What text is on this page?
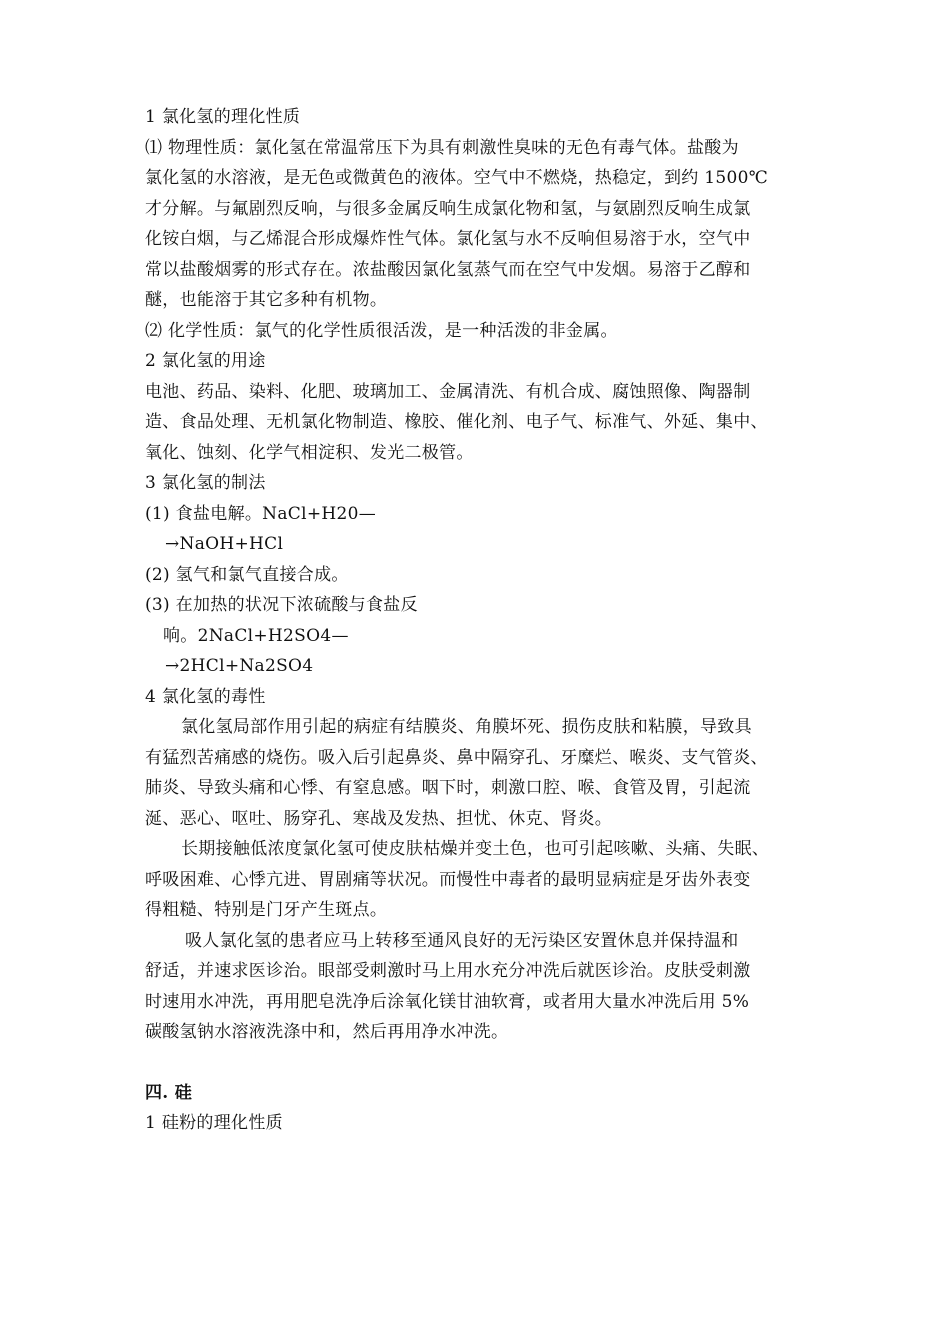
1 氯化氢的理化性质
⑴ 物理性质：氯化氢在常温常压下为具有刺激性臭味的无色有毒气体。盐酸为
氯化氢的水溶液，是无色或微黄色的液体。空气中不燃烧，热稳定，到约 1500℃
才分解。与氟剧烈反响，与很多金属反响生成氯化物和氢，与氨剧烈反响生成氯
化铵白烟，与乙烯混合形成爆炸性气体。氯化氢与水不反响但易溶于水，空气中
常以盐酸烟雾的形式存在。浓盐酸因氯化氢蒸气而在空气中发烟。易溶于乙醇和
醚，也能溶于其它多种有机物。
⑵ 化学性质：氯气的化学性质很活泼，是一种活泼的非金属。
2 氯化氢的用途
电池、药品、染料、化肥、玻璃加工、金属清洗、有机合成、腐蚀照像、陶器制
造、食品处理、无机氯化物制造、橡胶、催化剂、电子气、标准气、外延、集中、
氧化、蚀刻、化学气相淀积、发光二极管。
3 氯化氢的制法
(1) 食盐电解。NaCl+H20—
→NaOH+HCl
(2) 氢气和氯气直接合成。
(3) 在加热的状况下浓硫酸与食盐反
响。2NaCl+H2SO4—
→2HCl+Na2SO4
4 氯化氢的毒性
氯化氢局部作用引起的病症有结膜炎、角膜坏死、损伤皮肤和粘膜，导致具
有猛烈苦痛感的烧伤。吸入后引起鼻炎、鼻中隔穿孔、牙糜烂、喉炎、支气管炎、
肺炎、导致头痛和心悸、有窒息感。咽下时，刺激口腔、喉、食管及胃，引起流
涎、恶心、呕吐、肠穿孔、寒战及发热、担忧、休克、肾炎。
长期接触低浓度氯化氢可使皮肤枯燥并变土色，也可引起咳嗽、头痛、失眠、
呼吸困难、心悸亢进、胃剧痛等状况。而慢性中毒者的最明显病症是牙齿外表变
得粗糙、特别是门牙产生斑点。
吸人氯化氢的患者应马上转移至通风良好的无污染区安置休息并保持温和
舒适，并速求医诊治。眼部受刺激时马上用水充分冲洗后就医诊治。皮肤受刺激
时速用水冲洗，再用肥皂洗净后涂氧化镁甘油软膏，或者用大量水冲洗后用 5%
碳酸氢钠水溶液洗涤中和，然后再用净水冲洗。
四. 硅
1 硅粉的理化性质
